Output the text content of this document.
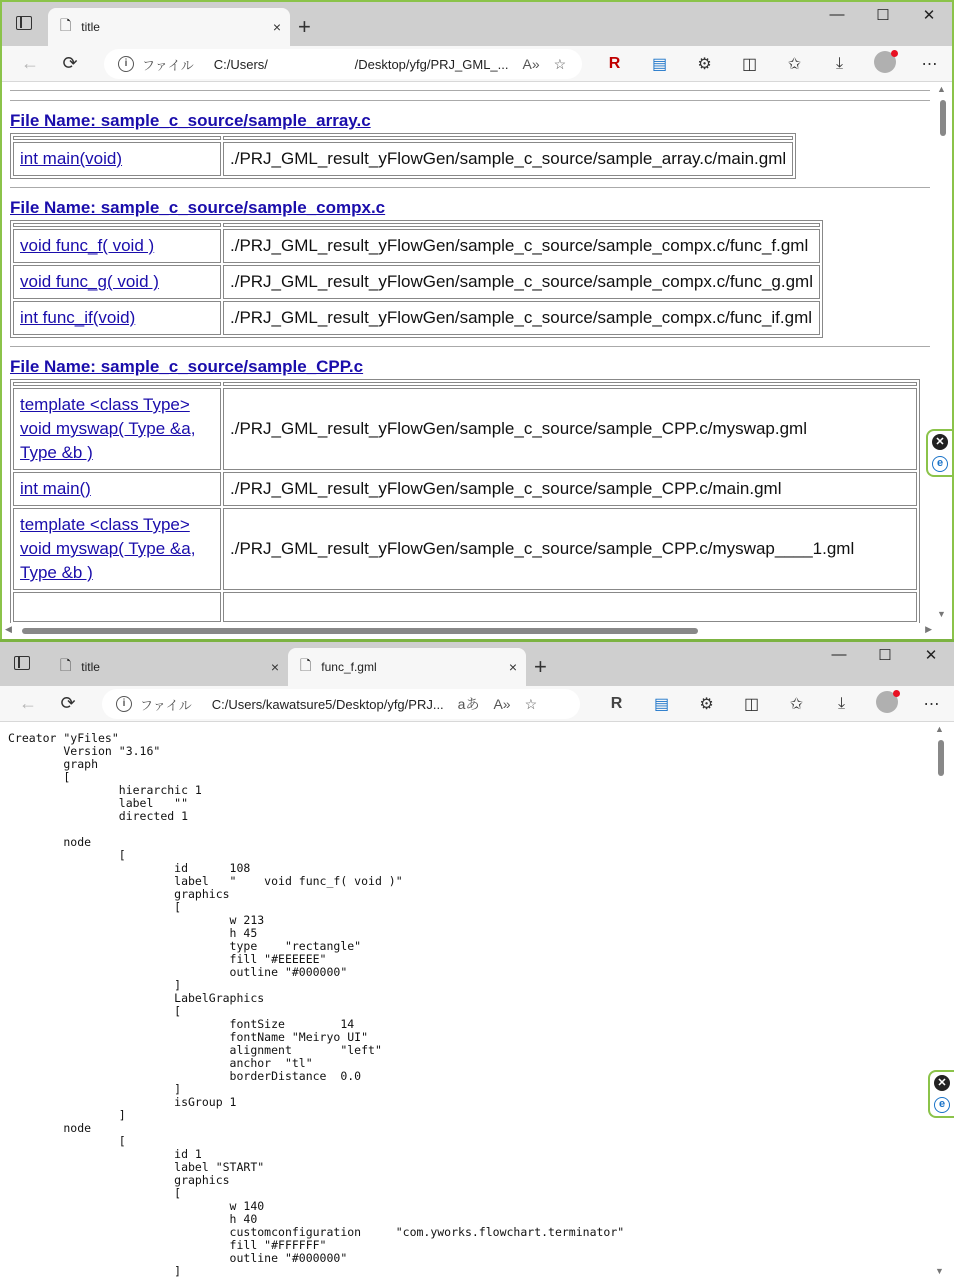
🗋 title	× +	—	☐	✕
←	⟳	i	ファイル C:/Users/                        /Desktop/yfg/PRJ_GML_... A» ☆	R	▤	⚙	◫	✩	⤓	⋯
File Name: sample_c_source/sample_array.c

int main(void)	./PRJ_GML_result_yFlowGen/sample_c_source/sample_array.c/main.gml
File Name: sample_c_source/sample_compx.c

void func_f( void )	./PRJ_GML_result_yFlowGen/sample_c_source/sample_compx.c/func_f.gml
void func_g( void )	./PRJ_GML_result_yFlowGen/sample_c_source/sample_compx.c/func_g.gml
int func_if(void)	./PRJ_GML_result_yFlowGen/sample_c_source/sample_compx.c/func_if.gml
File Name: sample_c_source/sample_CPP.c

template <class Type>
void myswap( Type &a,
Type &b )	./PRJ_GML_result_yFlowGen/sample_c_source/sample_CPP.c/myswap.gml
int main()	./PRJ_GML_result_yFlowGen/sample_c_source/sample_CPP.c/main.gml
template <class Type>
void myswap( Type &a,
Type &b )	./PRJ_GML_result_yFlowGen/sample_c_source/sample_CPP.c/myswap____1.gml

▲
▼
◀	▶
✕
e
🗋 title	×	🗋 func_f.gml	× +	—	☐	✕
←	⟳	i	ファイル C:/Users/kawatsure5/Desktop/yfg/PRJ... aあ A» ☆	R	▤	⚙	◫	✩	⤓	⋯
Creator "yFiles"
Version "3.16"
graph
[
hierarchic 1
label   ""
directed 1

node
[
id      108
label   "    void func_f( void )"
graphics
[
w 213
h 45
type    "rectangle"
fill "#EEEEEE"
outline "#000000"
]
LabelGraphics
[
fontSize        14
fontName "Meiryo UI"
alignment       "left"
anchor  "tl"
borderDistance  0.0
]
isGroup 1
]
node
[
id 1
label "START"
graphics
[
w 140
h 40
customconfiguration     "com.yworks.flowchart.terminator"
fill "#FFFFFF"
outline "#000000"
]
▲
▼
✕
e
